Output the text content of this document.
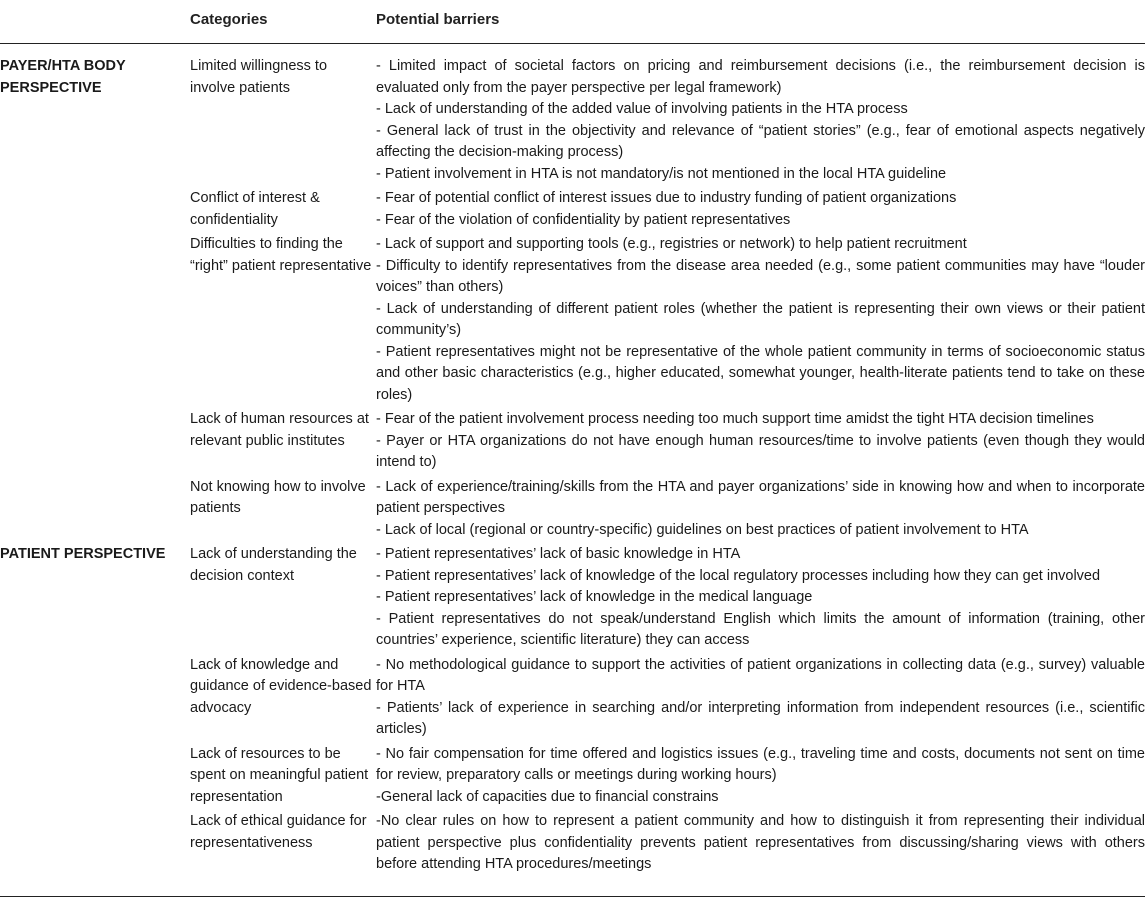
Categories	Potential barriers
PAYER/HTA BODY PERSPECTIVE	Limited willingness to involve patients	- Limited impact of societal factors on pricing and reimbursement decisions (i.e., the reimbursement decision is evaluated only from the payer perspective per legal framework)
- Lack of understanding of the added value of involving patients in the HTA process
- General lack of trust in the objectivity and relevance of “patient stories” (e.g., fear of emotional aspects negatively affecting the decision-making process)
- Patient involvement in HTA is not mandatory/is not mentioned in the local HTA guideline

	Conflict of interest & confidentiality	- Fear of potential conflict of interest issues due to industry funding of patient organizations
- Fear of the violation of confidentiality by patient representatives

	Difficulties to finding the “right” patient representative	- Lack of support and supporting tools (e.g., registries or network) to help patient recruitment
- Difficulty to identify representatives from the disease area needed (e.g., some patient communities may have “louder voices” than others)
- Lack of understanding of different patient roles (whether the patient is representing their own views or their patient community’s)
- Patient representatives might not be representative of the whole patient community in terms of socioeconomic status and other basic characteristics (e.g., higher educated, somewhat younger, health-literate patients tend to take on these roles)

	Lack of human resources at relevant public institutes	- Fear of the patient involvement process needing too much support time amidst the tight HTA decision timelines
- Payer or HTA organizations do not have enough human resources/time to involve patients (even though they would intend to)

	Not knowing how to involve patients	- Lack of experience/training/skills from the HTA and payer organizations’ side in knowing how and when to incorporate patient perspectives
- Lack of local (regional or country-specific) guidelines on best practices of patient involvement to HTA

PATIENT PERSPECTIVE	Lack of understanding the decision context	- Patient representatives’ lack of basic knowledge in HTA
- Patient representatives’ lack of knowledge of the local regulatory processes including how they can get involved
- Patient representatives’ lack of knowledge in the medical language
- Patient representatives do not speak/understand English which limits the amount of information (training, other countries’ experience, scientific literature) they can access

	Lack of knowledge and guidance of evidence-based advocacy	- No methodological guidance to support the activities of patient organizations in collecting data (e.g., survey) valuable for HTA
- Patients’ lack of experience in searching and/or interpreting information from independent resources (i.e., scientific articles)

	Lack of resources to be spent on meaningful patient representation	- No fair compensation for time offered and logistics issues (e.g., traveling time and costs, documents not sent on time for review, preparatory calls or meetings during working hours)
-General lack of capacities due to financial constrains

	Lack of ethical guidance for representativeness	-No clear rules on how to represent a patient community and how to distinguish it from representing their individual patient perspective plus confidentiality prevents patient representatives from discussing/sharing views with others before attending HTA procedures/meetings
